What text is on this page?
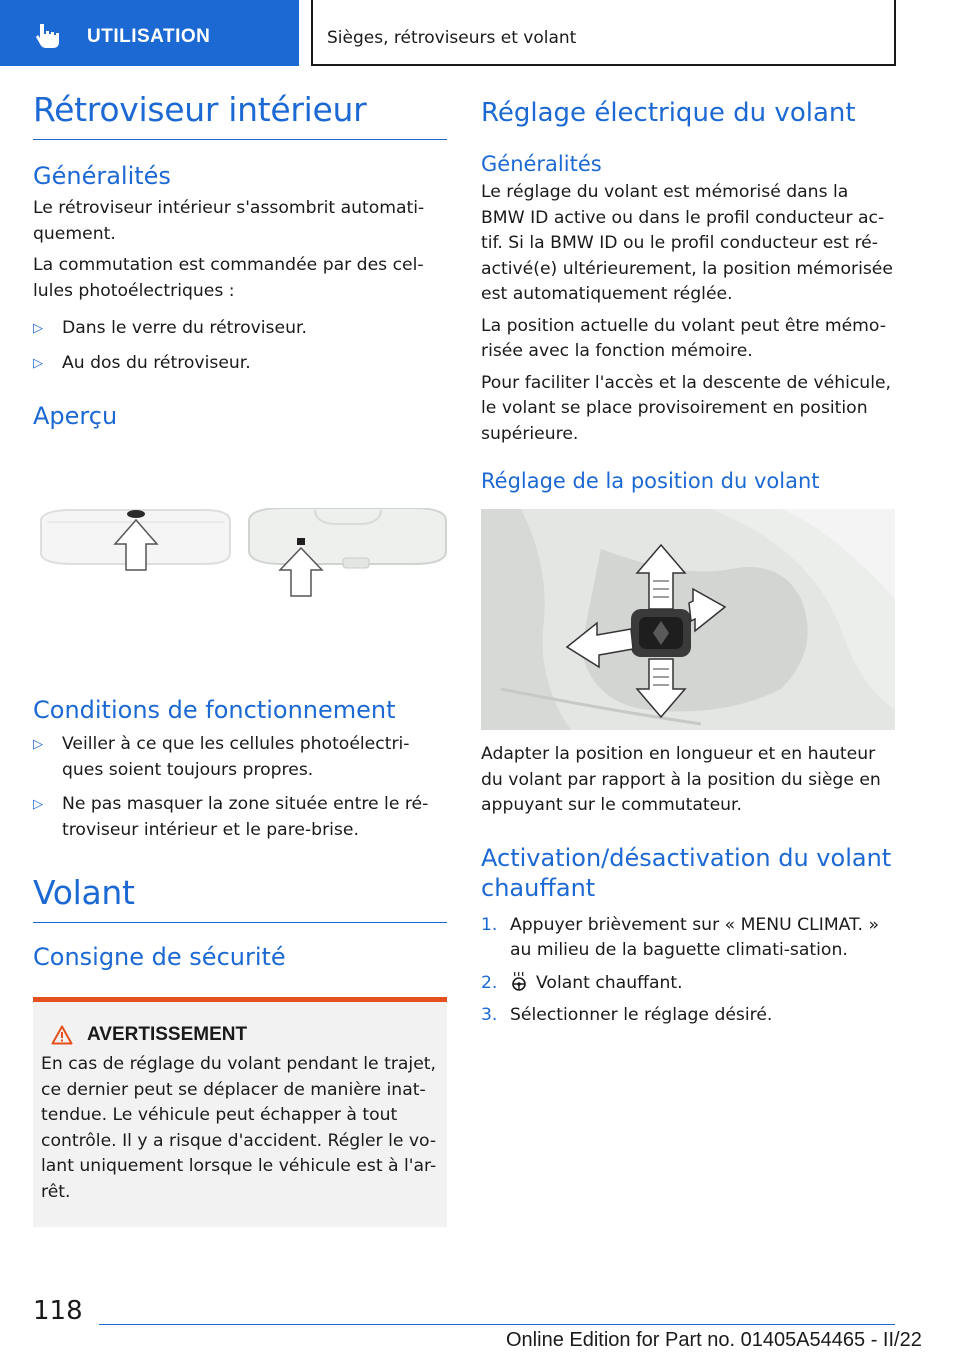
UTILISATION	Sièges, rétroviseurs et volant
Rétroviseur intérieur
Généralités

Le rétroviseur intérieur s'assombrit automati-quement.

La commutation est commandée par des cel-lules photoélectriques :

▷ Dans le verre du rétroviseur.
▷ Au dos du rétroviseur.
Aperçu
Conditions de fonctionnement
▷ Veiller à ce que les cellules photoélectri-ques soient toujours propres.
▷ Ne pas masquer la zone située entre le ré-troviseur intérieur et le pare-brise.
Volant
Consigne de sécurité
AVERTISSEMENT

En cas de réglage du volant pendant le trajet, ce dernier peut se déplacer de manière inat-tendue. Le véhicule peut échapper à tout contrôle. Il y a risque d'accident. Régler le vo-lant uniquement lorsque le véhicule est à l'ar-rêt.

Réglage électrique du volant
Généralités

Le réglage du volant est mémorisé dans la BMW ID active ou dans le profil conducteur ac-tif. Si la BMW ID ou le profil conducteur est ré-activé(e) ultérieurement, la position mémorisée est automatiquement réglée.

La position actuelle du volant peut être mémo-risée avec la fonction mémoire.

Pour faciliter l'accès et la descente de véhicule, le volant se place provisoirement en position supérieure.

Réglage de la position du volant

Adapter la position en longueur et en hauteur du volant par rapport à la position du siège en appuyant sur le commutateur.

Activation/désactivation du volant chauffant
1. Appuyer brièvement sur « MENU CLIMAT. » au milieu de la baguette climati-sation.
2. Volant chauffant.
3. Sélectionner le réglage désiré.
118
Online Edition for Part no. 01405A54465 - II/22
